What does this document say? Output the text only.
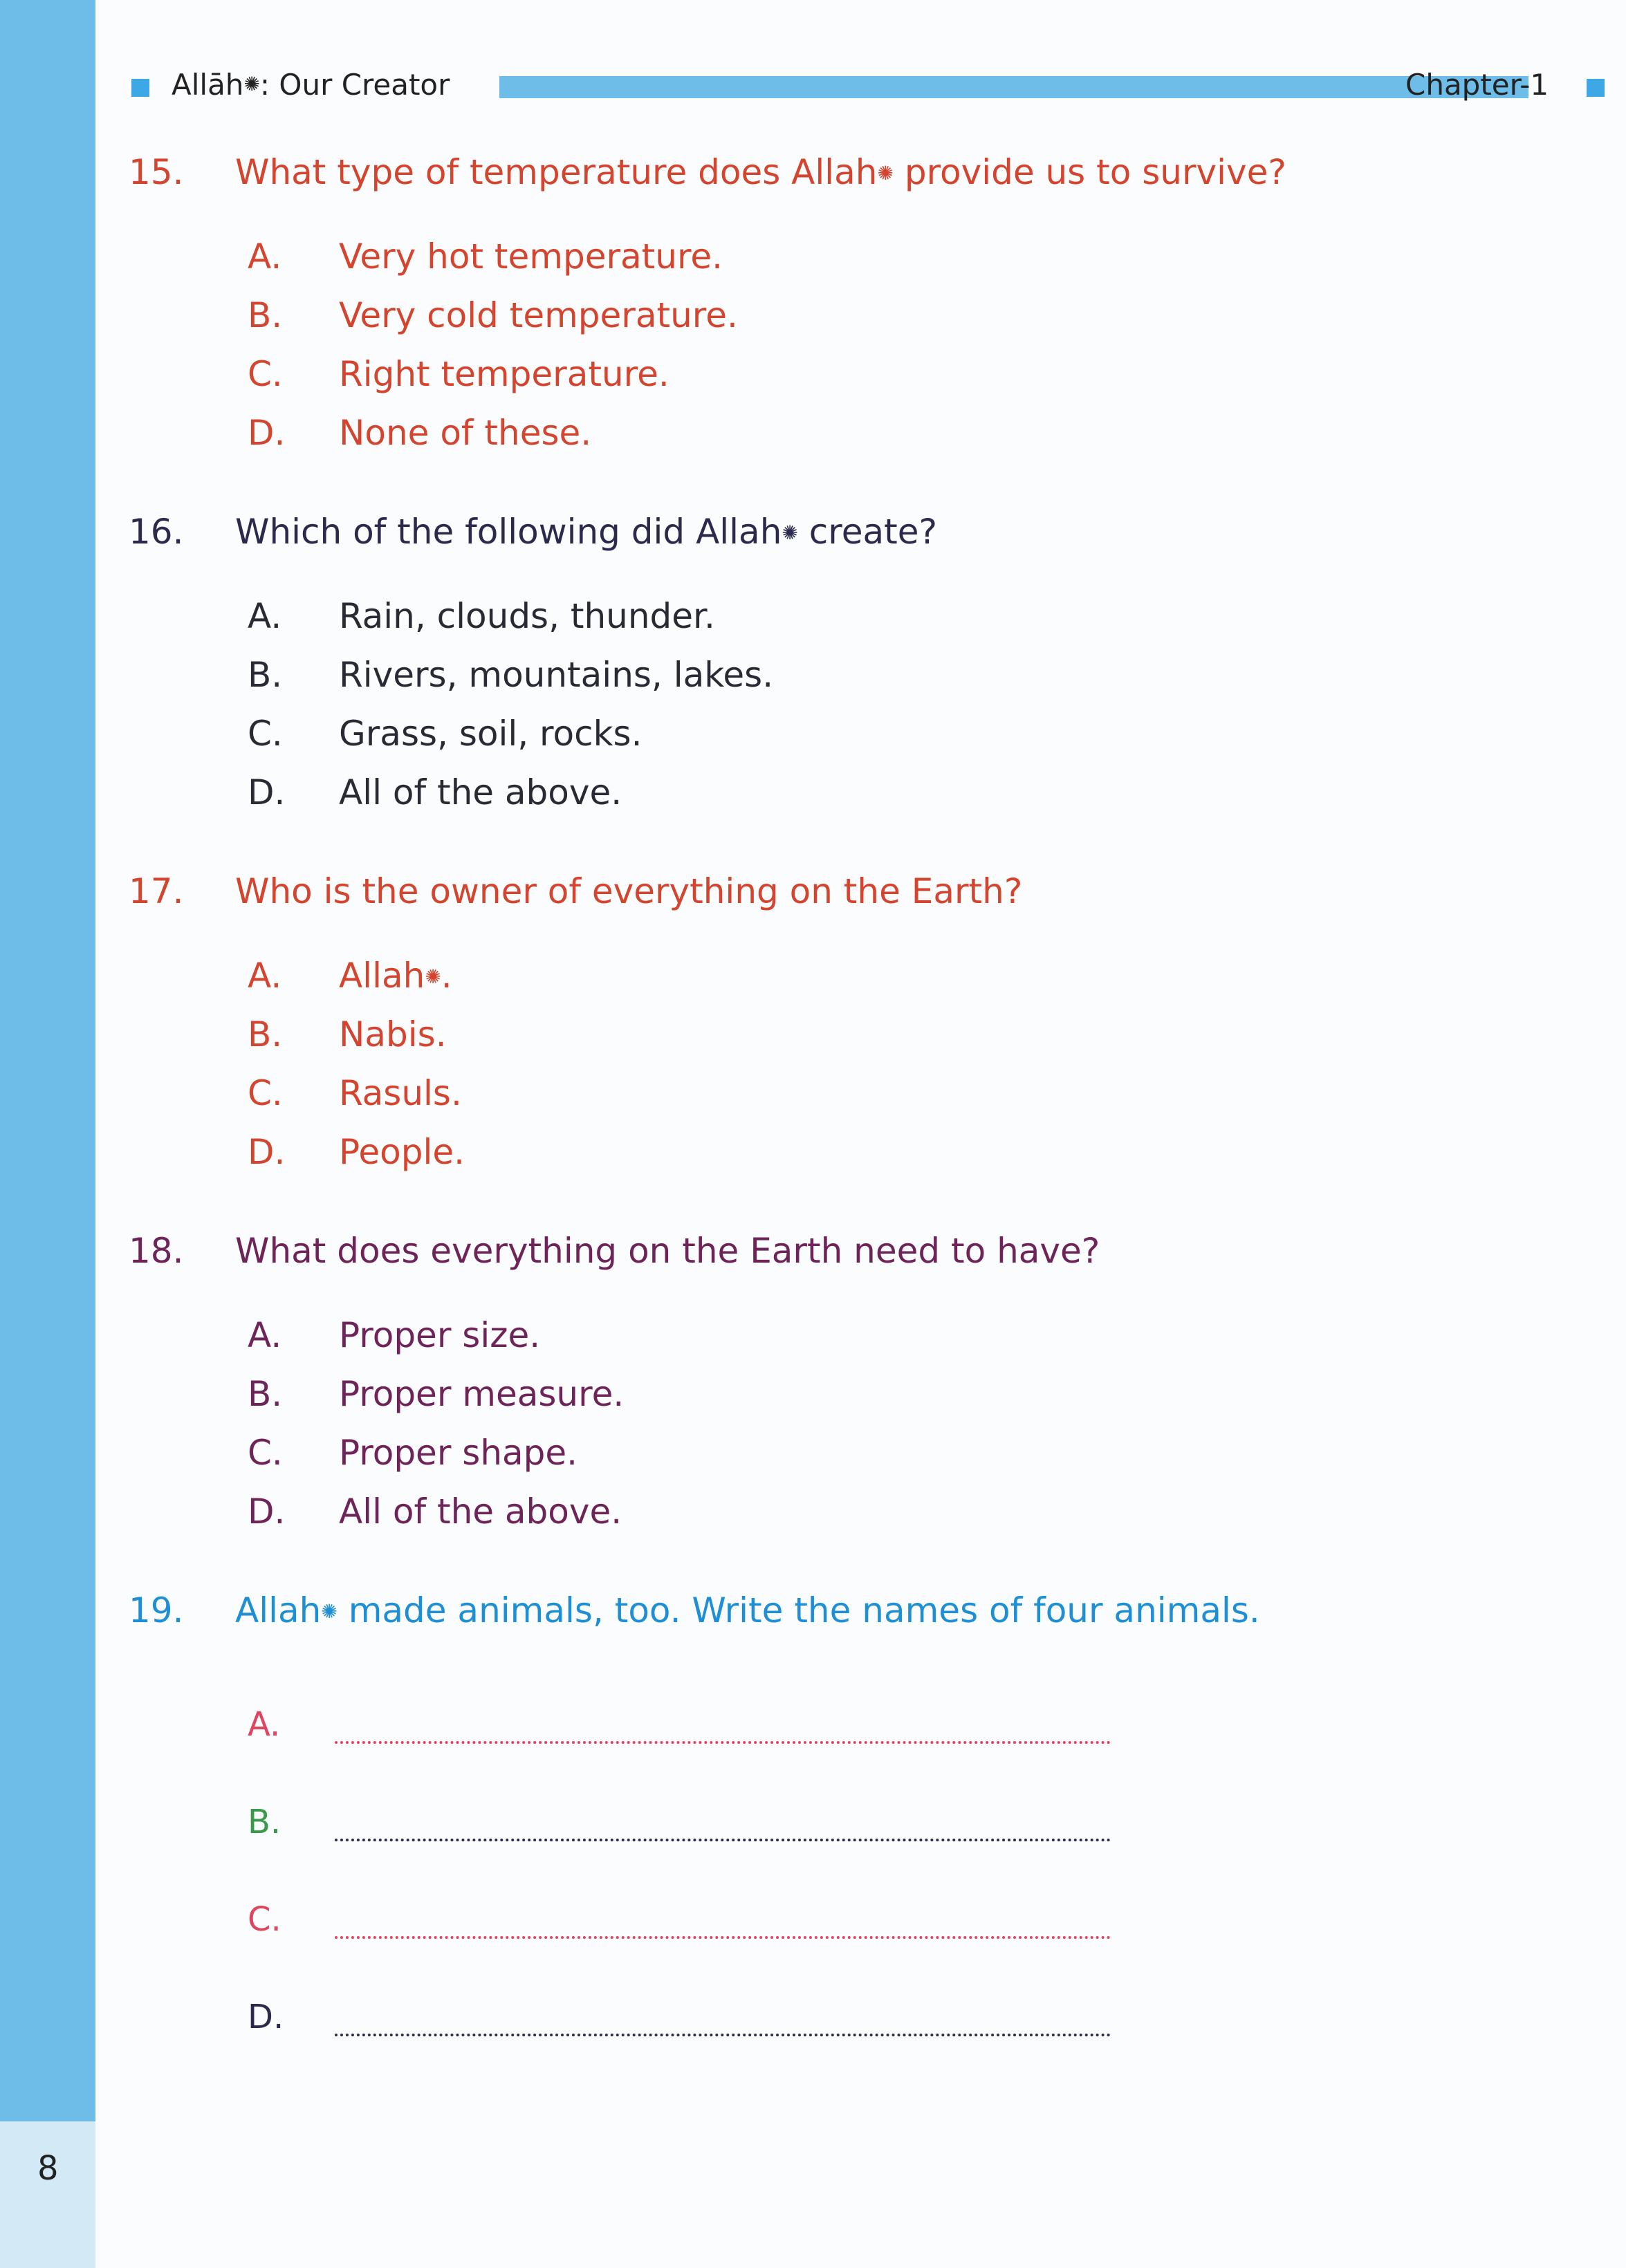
8
Allāh✺: Our Creator	Chapter-1
15. What type of temperature does Allah✺ provide us to survive?
A. Very hot temperature.
B. Very cold temperature.
C. Right temperature.
D. None of these.
16. Which of the following did Allah✺ create?
A. Rain, clouds, thunder.
B. Rivers, mountains, lakes.
C. Grass, soil, rocks.
D. All of the above.
17. Who is the owner of everything on the Earth?
A. Allah✺.
B. Nabis.
C. Rasuls.
D. People.
18. What does everything on the Earth need to have?
A. Proper size.
B. Proper measure.
C. Proper shape.
D. All of the above.
19. Allah✺ made animals, too. Write the names of four animals.
A.
B.
C.
D.
